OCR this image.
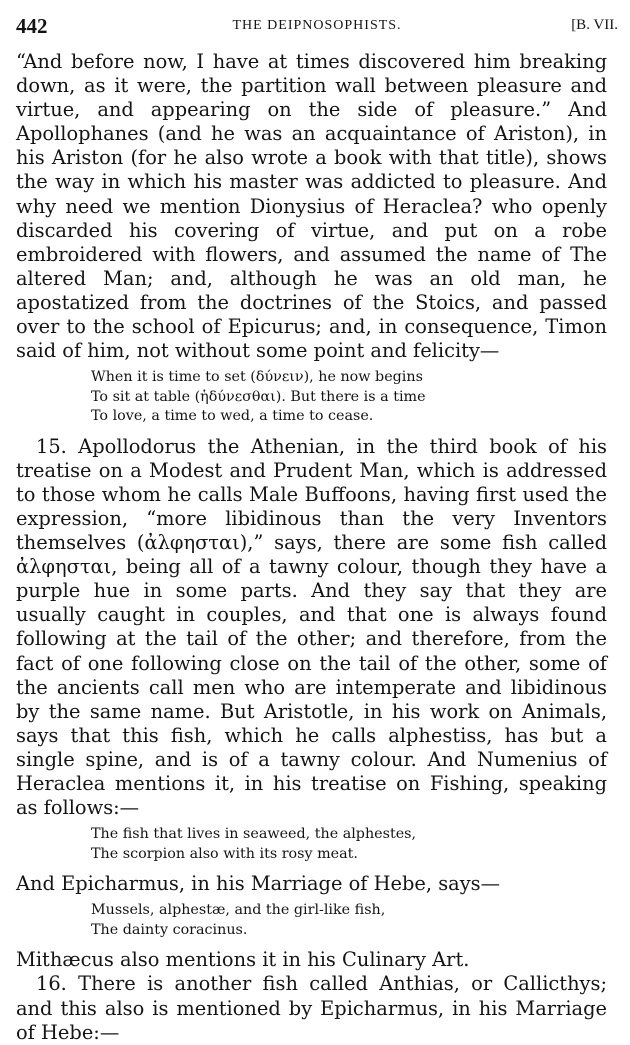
442	THE DEIPNOSOPHISTS.	[B. VII.

“And before now, I have at times discovered him breaking down, as it were, the partition wall between pleasure and virtue, and appearing on the side of pleasure.” And Apollophanes (and he was an acquaintance of Ariston), in his Ariston (for he also wrote a book with that title), shows the way in which his master was addicted to pleasure. And why need we mention Dionysius of Heraclea? who openly discarded his covering of virtue, and put on a robe embroidered with flowers, and assumed the name of The altered Man; and, although he was an old man, he apostatized from the doctrines of the Stoics, and passed over to the school of Epicurus; and, in consequence, Timon said of him, not without some point and felicity—

When it is time to set (δύνειν), he now begins
To sit at table (ἡδύνεσθαι). But there is a time
To love, a time to wed, a time to cease.

15. Apollodorus the Athenian, in the third book of his treatise on a Modest and Prudent Man, which is addressed to those whom he calls Male Buffoons, having first used the expression, “more libidinous than the very Inventors themselves (ἀλφησται),” says, there are some fish called ἀλφησται, being all of a tawny colour, though they have a purple hue in some parts. And they say that they are usually caught in couples, and that one is always found following at the tail of the other; and therefore, from the fact of one following close on the tail of the other, some of the ancients call men who are intemperate and libidinous by the same name. But Aristotle, in his work on Animals, says that this fish, which he calls alphestiss, has but a single spine, and is of a tawny colour. And Numenius of Heraclea mentions it, in his treatise on Fishing, speaking as follows:—

The fish that lives in seaweed, the alphestes,
The scorpion also with its rosy meat.

And Epicharmus, in his Marriage of Hebe, says—

Mussels, alphestæ, and the girl-like fish,
The dainty coracinus.

Mithæcus also mentions it in his Culinary Art.

16. There is another fish called Anthias, or Callicthys; and this also is mentioned by Epicharmus, in his Marriage of Hebe:—
